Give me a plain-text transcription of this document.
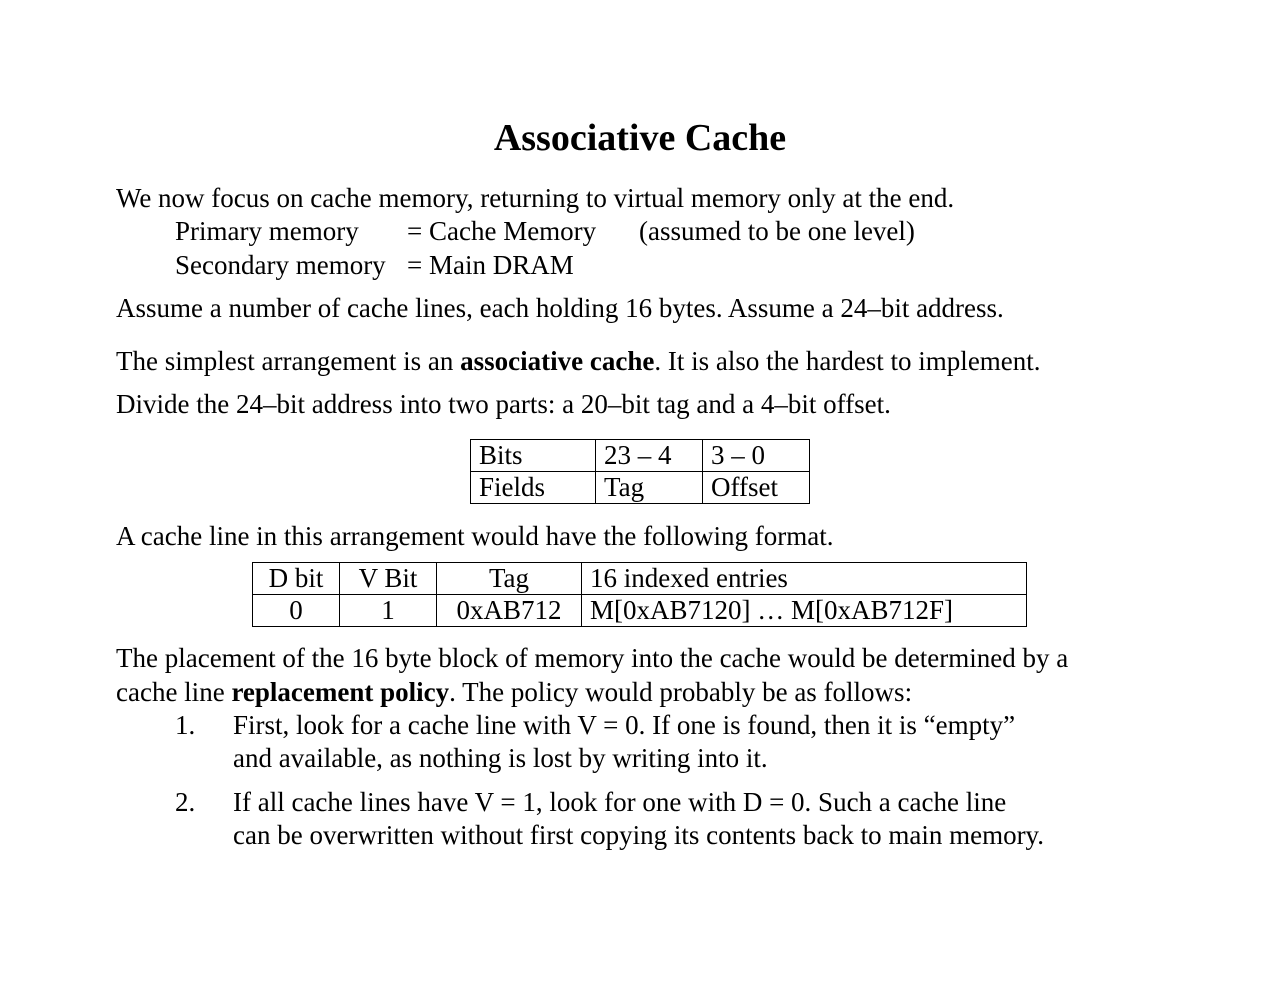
Associative Cache
We now focus on cache memory, returning to virtual memory only at the end.
Primary memory = Cache Memory (assumed to be one level)
Secondary memory = Main DRAM
Assume a number of cache lines, each holding 16 bytes. Assume a 24–bit address.
The simplest arrangement is an associative cache. It is also the hardest to implement.
Divide the 24–bit address into two parts: a 20–bit tag and a 4–bit offset.
Bits	23 – 4	3 – 0
Fields	Tag	Offset
A cache line in this arrangement would have the following format.
D bit	V Bit	Tag	16 indexed entries
0	1	0xAB712	M[0xAB7120] … M[0xAB712F]
The placement of the 16 byte block of memory into the cache would be determined by a
cache line replacement policy. The policy would probably be as follows:
1. First, look for a cache line with V = 0. If one is found, then it is “empty”
and available, as nothing is lost by writing into it.
2. If all cache lines have V = 1, look for one with D = 0. Such a cache line
can be overwritten without first copying its contents back to main memory.
